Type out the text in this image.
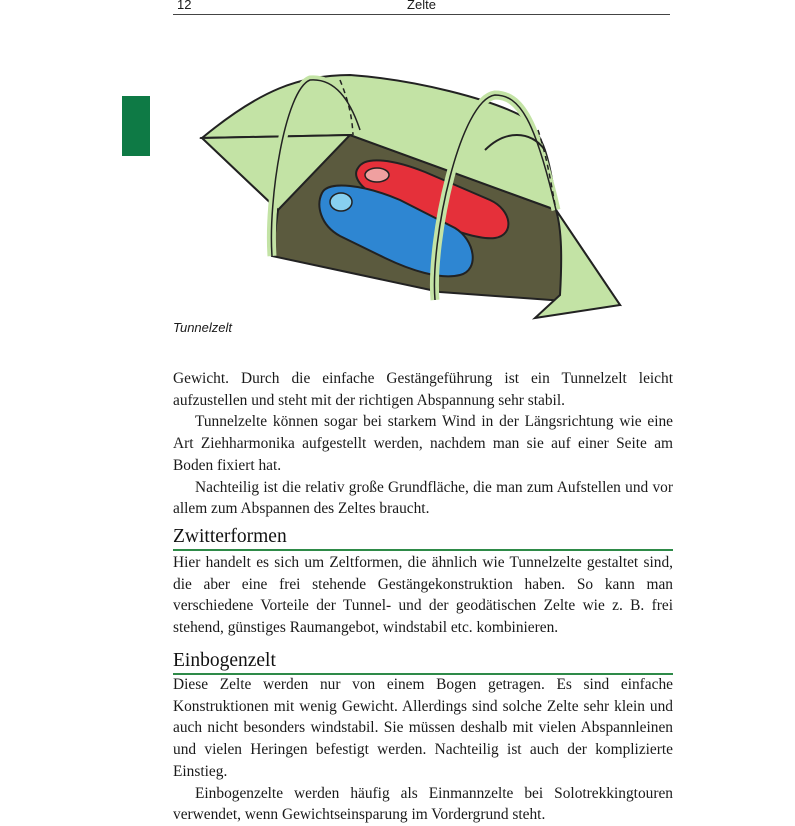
12	Zelte
Tunnelzelt

Gewicht. Durch die einfache Gestängeführung ist ein Tunnelzelt leicht aufzustellen und steht mit der richtigen Abspannung sehr stabil.

Tunnelzelte können sogar bei starkem Wind in der Längsrichtung wie eine Art Ziehharmonika aufgestellt werden, nachdem man sie auf einer Seite am Boden fixiert hat.

Nachteilig ist die relativ große Grundfläche, die man zum Aufstellen und vor allem zum Abspannen des Zeltes braucht.

Zwitterformen

Hier handelt es sich um Zeltformen, die ähnlich wie Tunnelzelte gestaltet sind, die aber eine frei stehende Gestängekonstruktion haben. So kann man verschiedene Vorteile der Tunnel- und der geodätischen Zelte wie z. B. frei stehend, günstiges Raumangebot, windstabil etc. kombinieren.

Einbogenzelt

Diese Zelte werden nur von einem Bogen getragen. Es sind einfache Konstruktionen mit wenig Gewicht. Allerdings sind solche Zelte sehr klein und auch nicht besonders windstabil. Sie müssen deshalb mit vielen Abspannleinen und vielen Heringen befestigt werden. Nachteilig ist auch der komplizierte Einstieg.

Einbogenzelte werden häufig als Einmannzelte bei Solotrekkingtouren verwendet, wenn Gewichtseinsparung im Vordergrund steht.
